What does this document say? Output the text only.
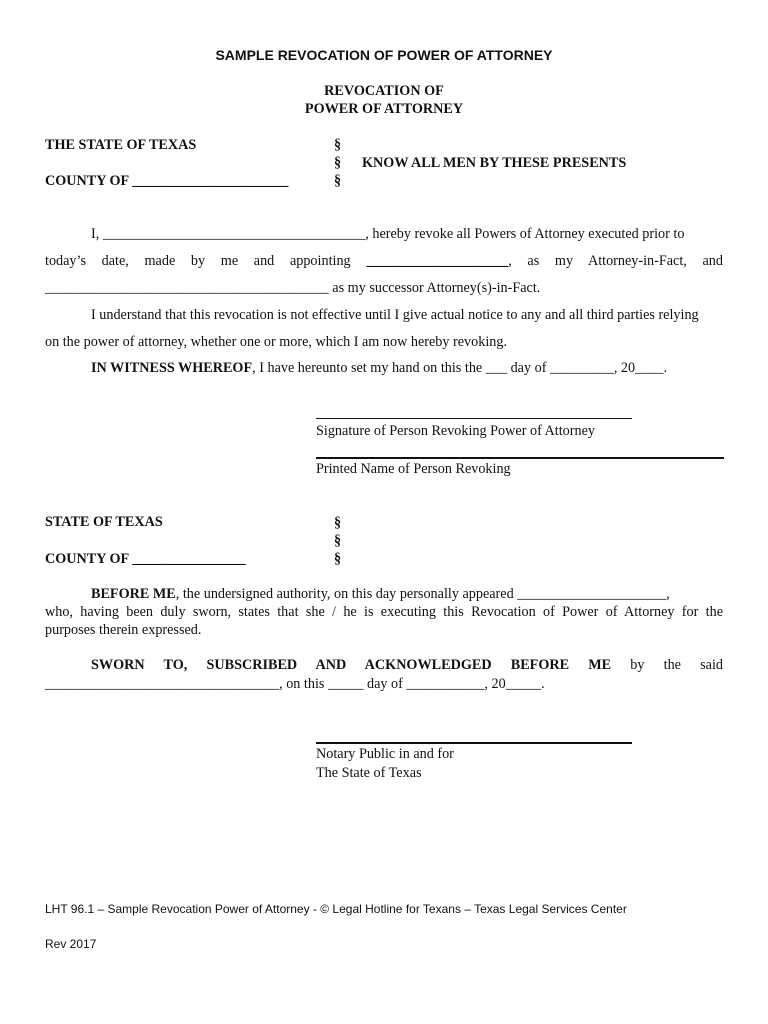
SAMPLE REVOCATION OF POWER OF ATTORNEY
REVOCATION OF
POWER OF ATTORNEY
THE STATE OF TEXAS
COUNTY OF ______________________
§
§
§
KNOW ALL MEN BY THESE PRESENTS
I, _____________________________________, hereby revoke all Powers of Attorney executed prior to
today’s date, made by me and appointing ____________________, as my Attorney-in-Fact, and
________________________________________ as my successor Attorney(s)-in-Fact.
I understand that this revocation is not effective until I give actual notice to any and all third parties relying
on the power of attorney, whether one or more, which I am now hereby revoking.
IN WITNESS WHEREOF, I have hereunto set my hand on this the ___ day of _________, 20____.
Signature of Person Revoking Power of Attorney
Printed Name of Person Revoking
STATE OF TEXAS
COUNTY OF ________________
§
§
§
BEFORE ME, the undersigned authority, on this day personally appeared _____________________,
who, having been duly sworn, states that she / he is executing this Revocation of Power of Attorney for the
purposes therein expressed.
SWORN TO, SUBSCRIBED AND ACKNOWLEDGED BEFORE ME by the said
_________________________________, on this _____ day of ___________, 20_____.
Notary Public in and for
The State of Texas
LHT 96.1 – Sample Revocation Power of Attorney - © Legal Hotline for Texans – Texas Legal Services Center
Rev 2017
